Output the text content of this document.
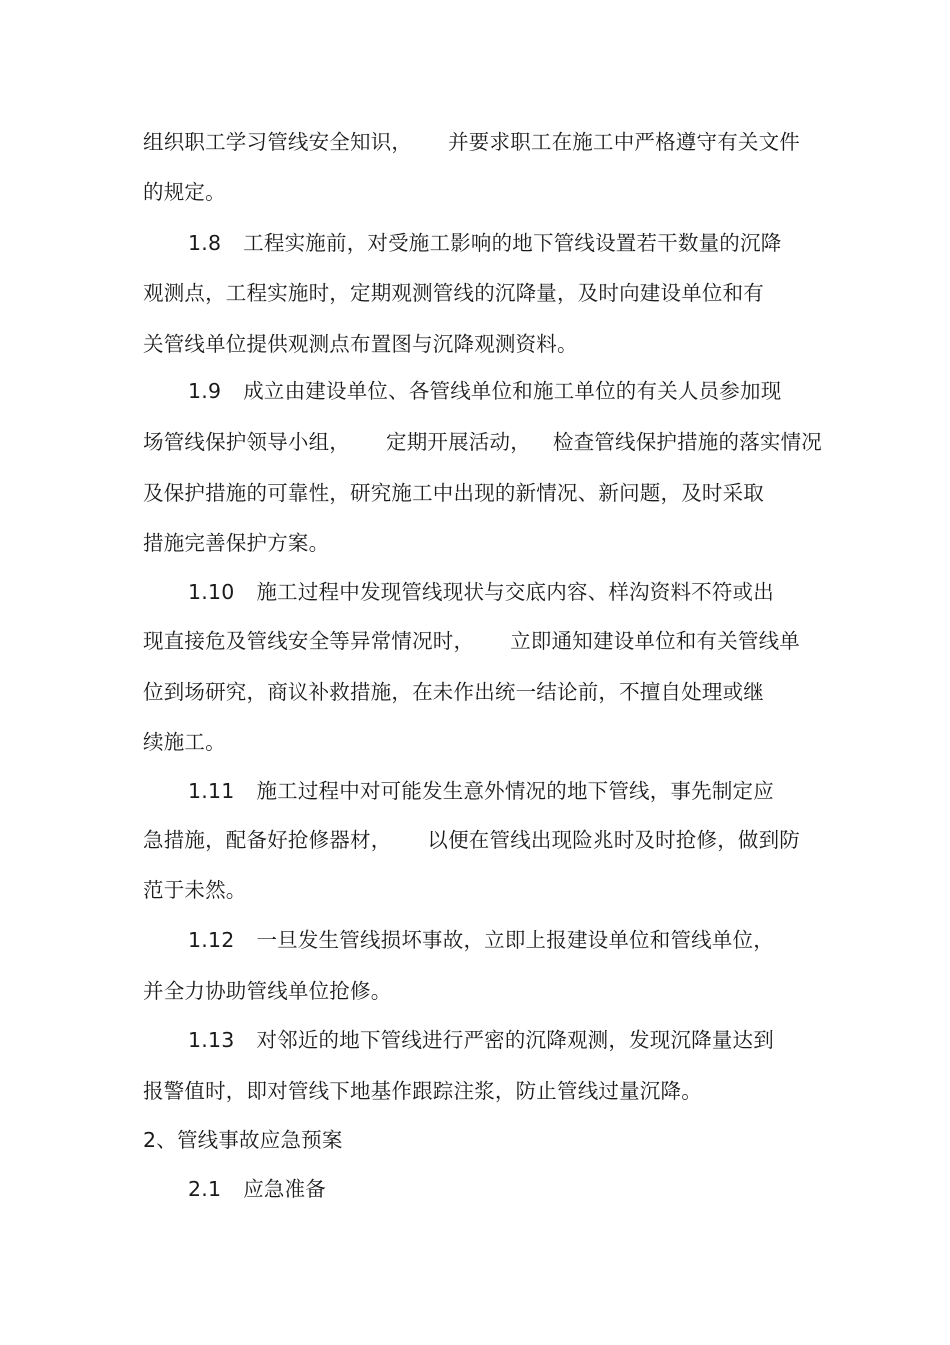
组织职工学习管线安全知识， 并要求职工在施工中严格遵守有关文件
的规定。
1.8 工程实施前，对受施工影响的地下管线设置若干数量的沉降
观测点，工程实施时，定期观测管线的沉降量，及时向建设单位和有
关管线单位提供观测点布置图与沉降观测资料。
1.9 成立由建设单位、各管线单位和施工单位的有关人员参加现
场管线保护领导小组， 定期开展活动， 检查管线保护措施的落实情况
及保护措施的可靠性，研究施工中出现的新情况、新问题，及时采取
措施完善保护方案。
1.10 施工过程中发现管线现状与交底内容、样沟资料不符或出
现直接危及管线安全等异常情况时， 立即通知建设单位和有关管线单
位到场研究，商议补救措施，在未作出统一结论前，不擅自处理或继
续施工。
1.11 施工过程中对可能发生意外情况的地下管线，事先制定应
急措施，配备好抢修器材， 以便在管线出现险兆时及时抢修，做到防
范于未然。
1.12 一旦发生管线损坏事故，立即上报建设单位和管线单位，
并全力协助管线单位抢修。
1.13 对邻近的地下管线进行严密的沉降观测，发现沉降量达到
报警值时，即对管线下地基作跟踪注浆，防止管线过量沉降。
2、管线事故应急预案
2.1 应急准备
